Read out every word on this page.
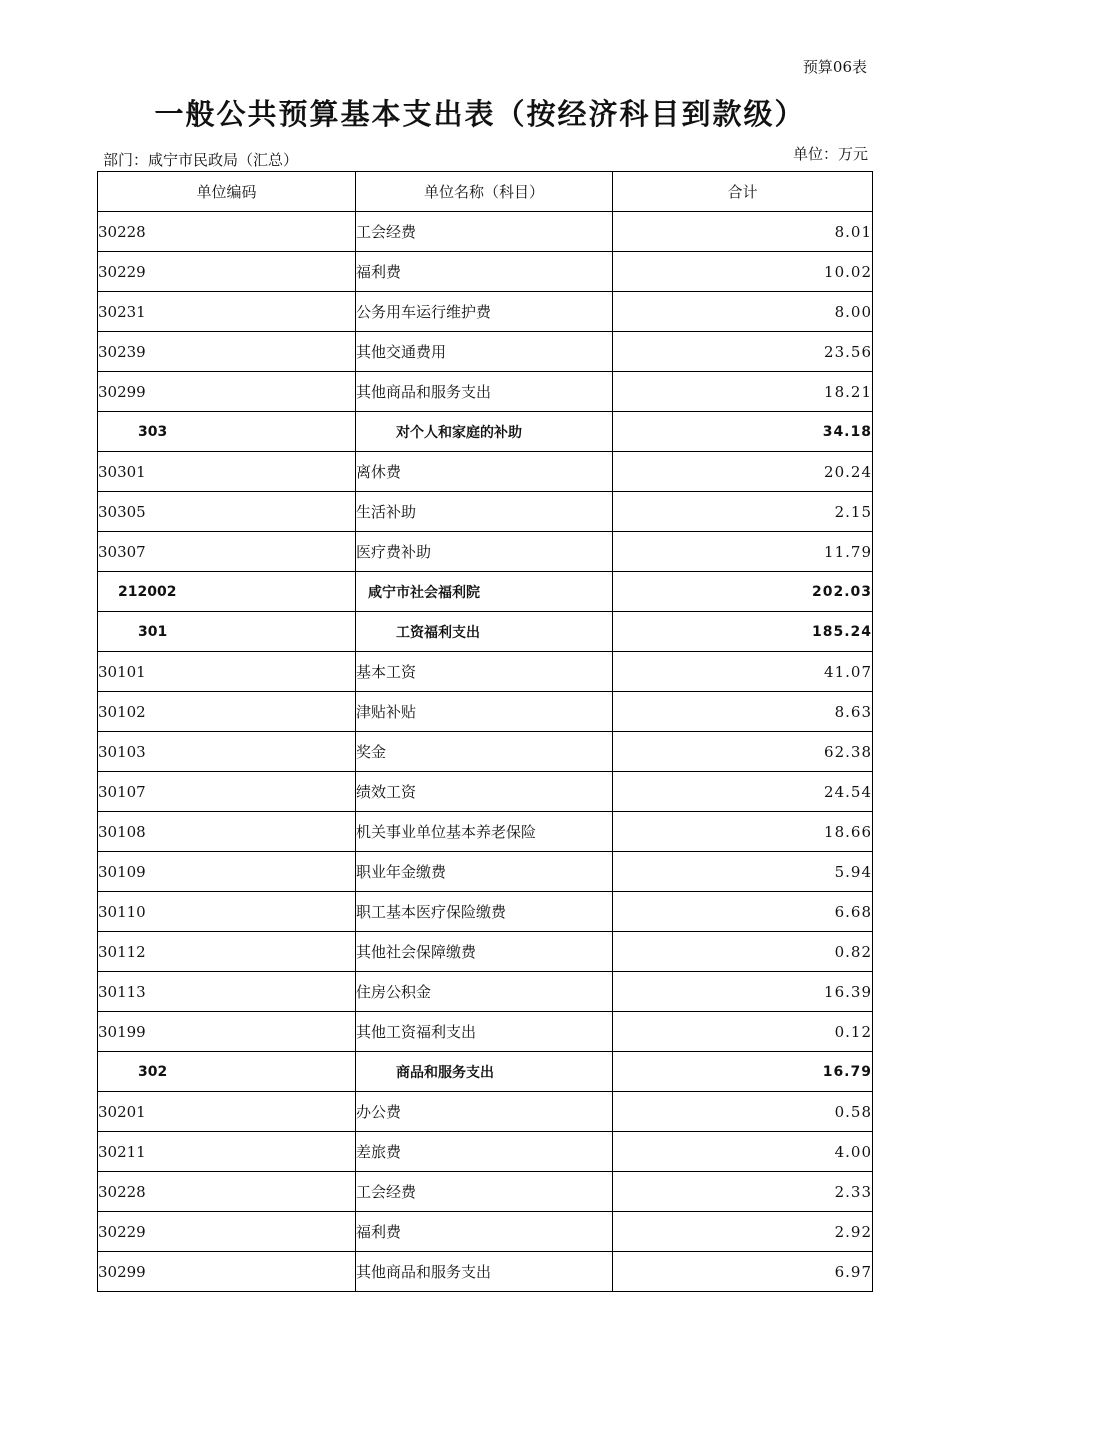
预算06表
一般公共预算基本支出表（按经济科目到款级）
部门：咸宁市民政局（汇总）	单位：万元
单位编码	单位名称（科目）	合计
30228	工会经费	8.01
30229	福利费	10.02
30231	公务用车运行维护费	8.00
30239	其他交通费用	23.56
30299	其他商品和服务支出	18.21
303	对个人和家庭的补助	34.18
30301	离休费	20.24
30305	生活补助	2.15
30307	医疗费补助	11.79
212002	咸宁市社会福利院	202.03
301	工资福利支出	185.24
30101	基本工资	41.07
30102	津贴补贴	8.63
30103	奖金	62.38
30107	绩效工资	24.54
30108	机关事业单位基本养老保险	18.66
30109	职业年金缴费	5.94
30110	职工基本医疗保险缴费	6.68
30112	其他社会保障缴费	0.82
30113	住房公积金	16.39
30199	其他工资福利支出	0.12
302	商品和服务支出	16.79
30201	办公费	0.58
30211	差旅费	4.00
30228	工会经费	2.33
30229	福利费	2.92
30299	其他商品和服务支出	6.97
